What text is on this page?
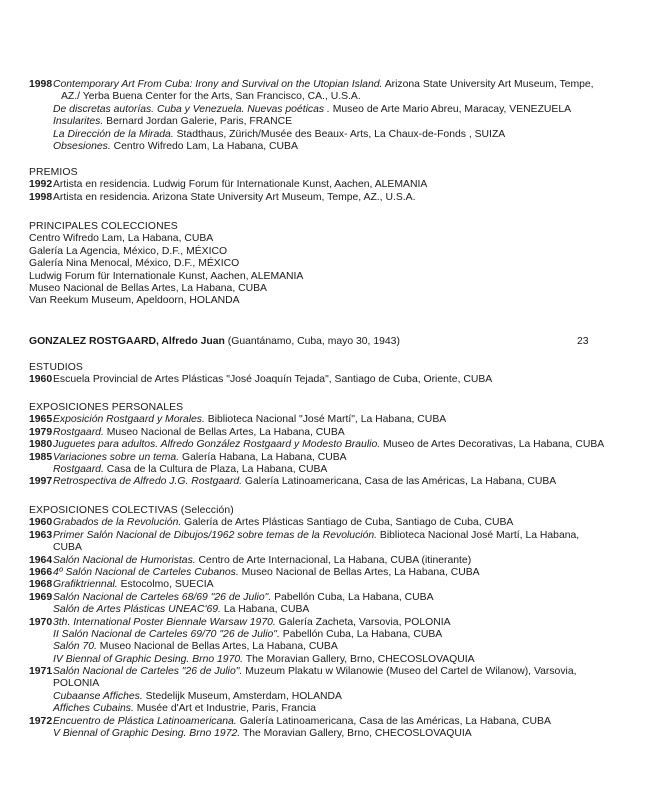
1998 Contemporary Art From Cuba: Irony and Survival on the Utopian Island. Arizona State University Art Museum, Tempe,
AZ./ Yerba Buena Center for the Arts, San Francisco, CA., U.S.A.
De discretas autorías. Cuba y Venezuela. Nuevas poéticas . Museo de Arte Mario Abreu, Maracay, VENEZUELA
Insularites. Bernard Jordan Galerie, Paris, FRANCE
La Dirección de la Mirada. Stadthaus, Zürich/Musée des Beaux- Arts, La Chaux-de-Fonds , SUIZA
Obsesiones. Centro Wifredo Lam, La Habana, CUBA
PREMIOS
1992 Artista en residencia. Ludwig Forum für Internationale Kunst, Aachen, ALEMANIA
1998 Artista en residencia. Arizona State University Art Museum, Tempe, AZ., U.S.A.
PRINCIPALES COLECCIONES
Centro Wifredo Lam, La Habana, CUBA
Galería La Agencia, México, D.F., MÉXICO
Galería Nina Menocal, México, D.F., MÉXICO
Ludwig Forum für Internationale Kunst, Aachen, ALEMANIA
Museo Nacional de Bellas Artes, La Habana, CUBA
Van Reekum Museum, Apeldoorn, HOLANDA
GONZALEZ ROSTGAARD, Alfredo Juan (Guantánamo, Cuba, mayo 30, 1943)	23
ESTUDIOS
1960 Escuela Provincial de Artes Plásticas "José Joaquín Tejada", Santiago de Cuba, Oriente, CUBA
EXPOSICIONES PERSONALES
1965 Exposición Rostgaard y Morales. Biblioteca Nacional "José Martí", La Habana, CUBA
1979 Rostgaard. Museo Nacional de Bellas Artes, La Habana, CUBA
1980 Juguetes para adultos. Alfredo González Rostgaard y Modesto Braulio. Museo de Artes Decorativas, La Habana, CUBA
1985 Variaciones sobre un tema. Galería Habana, La Habana, CUBA
Rostgaard. Casa de la Cultura de Plaza, La Habana, CUBA
1997 Retrospectiva de Alfredo J.G. Rostgaard. Galería Latinoamericana, Casa de las Américas, La Habana, CUBA
EXPOSICIONES COLECTIVAS (Selección)
1960 Grabados de la Revolución. Galería de Artes Plásticas Santiago de Cuba, Santiago de Cuba, CUBA
1963 Primer Salón Nacional de Dibujos/1962 sobre temas de la Revolución. Biblioteca Nacional José Martí, La Habana,
CUBA
1964 Salón Nacional de Humoristas. Centro de Arte Internacional, La Habana, CUBA (itinerante)
1966 4º Salón Nacional de Carteles Cubanos. Museo Nacional de Bellas Artes, La Habana, CUBA
1968 Grafiktriennal. Estocolmo, SUECIA
1969 Salón Nacional de Carteles 68/69 "26 de Julio". Pabellón Cuba, La Habana, CUBA
Salón de Artes Plásticas UNEAC'69. La Habana, CUBA
1970 3th. International Poster Biennale Warsaw 1970. Galería Zacheta, Varsovia, POLONIA
II Salón Nacional de Carteles 69/70 "26 de Julio". Pabellón Cuba, La Habana, CUBA
Salón 70. Museo Nacional de Bellas Artes, La Habana, CUBA
IV Biennal of Graphic Desing. Brno 1970. The Moravian Gallery, Brno, CHECOSLOVAQUIA
1971 Salón Nacional de Carteles "26 de Julio". Muzeum Plakatu w Wilanowie (Museo del Cartel de Wilanow), Varsovia,
POLONIA
Cubaanse Affiches. Stedelijk Museum, Amsterdam, HOLANDA
Affiches Cubains. Musée d'Art et Industrie, Paris, Francia
1972 Encuentro de Plástica Latinoamericana. Galería Latinoamericana, Casa de las Américas, La Habana, CUBA
V Biennal of Graphic Desing. Brno 1972. The Moravian Gallery, Brno, CHECOSLOVAQUIA
